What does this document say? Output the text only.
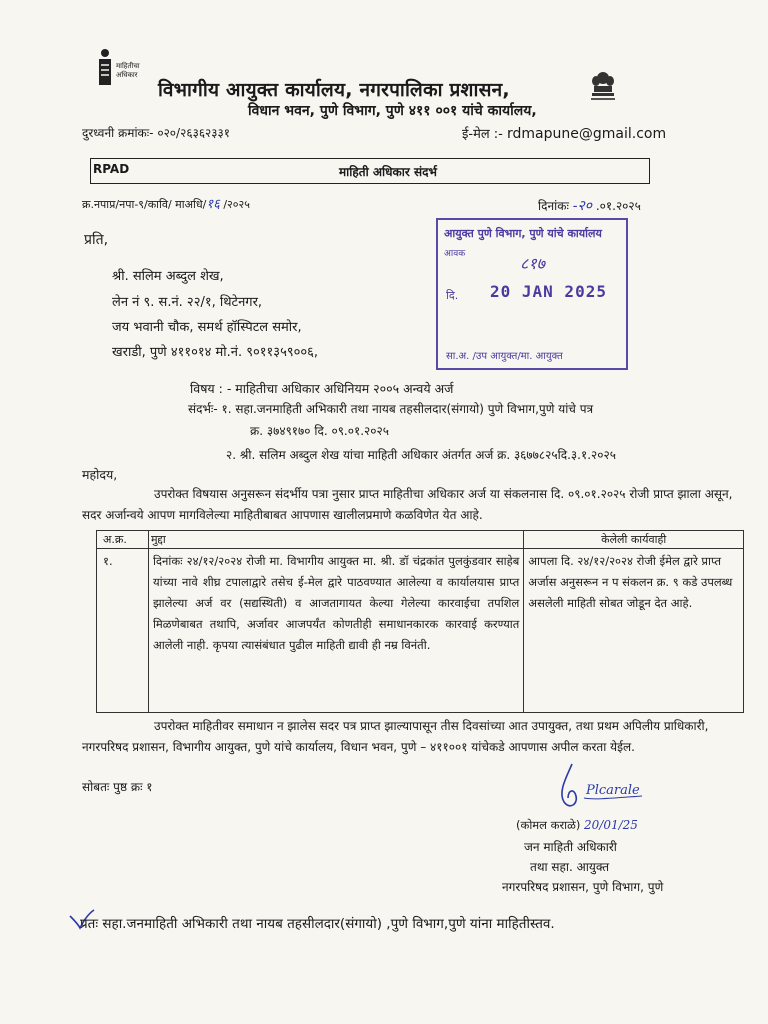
माहितीचा अधिकार
विभागीय आयुक्त कार्यालय, नगरपालिका प्रशासन,
विधान भवन, पुणे विभाग, पुणे ४११ ००१ यांचे कार्यालय,
दुरध्वनी क्रमांकः- ०२०/२६३६२३३१	ई-मेल :- rdmapune@gmail.com
RPAD	माहिती अधिकार संदर्भ
क्र.नपाप्र/नपा-९/कावि/ माअधि/१६ /२०२५	दिनांकः -२० .०१.२०२५
प्रति,
श्री. सलिम अब्दुल शेख,
लेन नं ९. स.नं. २२/१, थिटेनगर,
जय भवानी चौक, समर्थ हॉस्पिटल समोर,
खराडी, पुणे ४११०१४ मो.नं. ९०११३५९००६,
आयुक्त पुणे विभाग, पुणे यांचे कार्यालय
आवक	८१७
दि. 20 JAN 2025
सा.अ. /उप आयुक्त/मा. आयुक्त
विषय : - माहितीचा अधिकार अधिनियम २००५ अन्वये अर्ज
संदर्भः- १. सहा.जनमाहिती अभिकारी तथा नायब तहसीलदार(संगायो) पुणे विभाग,पुणे यांचे पत्र
क्र. ३७४९१७० दि. ०९.०१.२०२५
२. श्री. सलिम अब्दुल शेख यांचा माहिती अधिकार अंतर्गत अर्ज क्र. ३६७७८२५दि.३.१.२०२५
महोदय,
उपरोक्त विषयास अनुसरून संदर्भीय पत्रा नुसार प्राप्त माहितीचा अधिकार अर्ज या संकलनास दि. ०९.०१.२०२५ रोजी प्राप्त झाला असून, सदर अर्जान्वये आपण मागविलेल्या माहितीबाबत आपणास खालीलप्रमाणे कळविणेत येत आहे.
अ.क्र.	मुद्दा	केलेली कार्यवाही
१.	दिनांकः २४/१२/२०२४ रोजी मा. विभागीय आयुक्त मा. श्री. डॉ चंद्रकांत पुलकुंडवार साहेब यांच्या नावे शीघ्र टपालाद्वारे तसेच ई-मेल द्वारे पाठवण्यात आलेल्या व कार्यालयास प्राप्त झालेल्या अर्ज वर (सद्यस्थिती) व आजतागायत केल्या गेलेल्या कारवाईचा तपशिल मिळणेबाबत तथापि, अर्जावर आजपर्यंत कोणतीही समाधानकारक कारवाई करण्यात आलेली नाही. कृपया त्यासंबंधात पुढील माहिती द्यावी ही नम्र विनंती.	आपला दि. २४/१२/२०२४ रोजी ईमेल द्वारे प्राप्त अर्जास अनुसरून न प संकलन क्र. ९ कडे उपलब्ध असलेली माहिती सोबत जोडून देत आहे.
उपरोक्त माहितीवर समाधान न झालेस सदर पत्र प्राप्त झाल्यापासून तीस दिवसांच्या आत उपायुक्त, तथा प्रथम अपिलीय प्राधिकारी, नगरपरिषद प्रशासन, विभागीय आयुक्त, पुणे यांचे कार्यालय, विधान भवन, पुणे – ४११००१ यांचेकडे आपणास अपील करता येईल.
सोबतः पुष्ठ क्रः १	Plcarale
(कोमल कराळे) 20/01/25
जन माहिती अधिकारी
तथा सहा. आयुक्त
नगरपरिषद प्रशासन, पुणे विभाग, पुणे
प्रतः सहा.जनमाहिती अभिकारी तथा नायब तहसीलदार(संगायो) ,पुणे विभाग,पुणे यांना माहितीस्तव.
